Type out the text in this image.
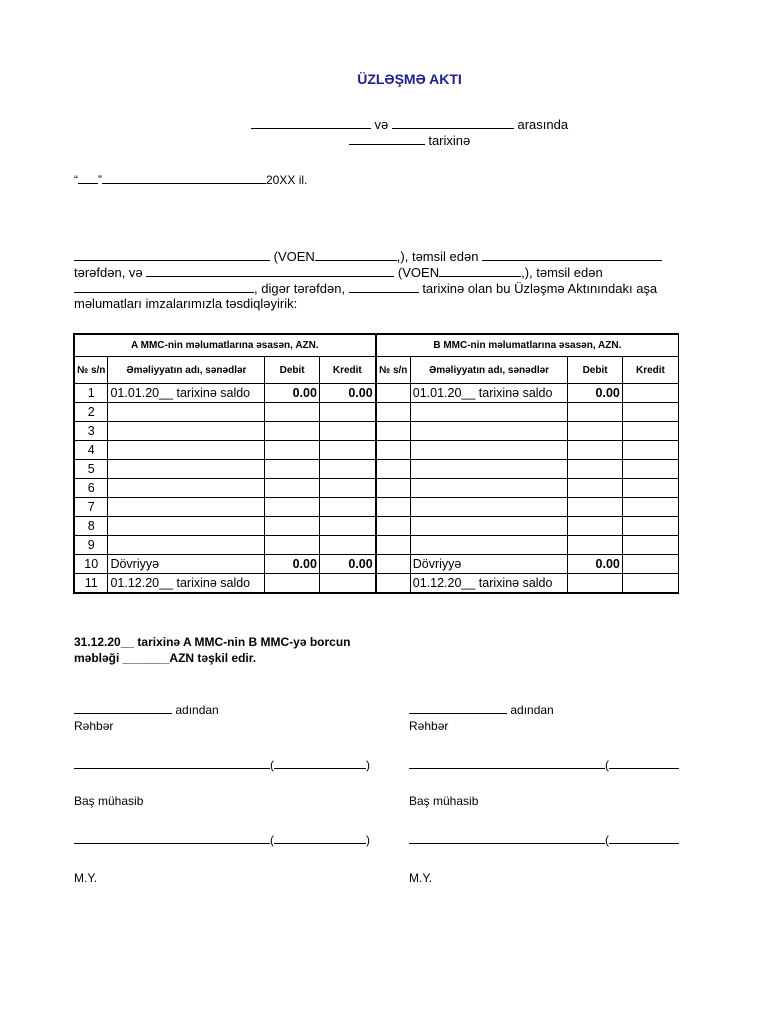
ÜZLƏŞMƏ AKTI
və	arasında
tarixinə
“ ”	20XX il.
(VOEN	,), təmsil edən
tərəfdən, və	(VOEN	,), təmsil edən
, digər tərəfdən,	tarixinə olan bu Üzləşmə Aktınındakı aşa
məlumatları imzalarımızla təsdiqləyirik:
A MMC-nin məlumatlarına əsasən, AZN.				B MMC-nin məlumatlarına əsasən, AZN.			
№ s/n	Əməliyyatın adı, sənədlər	Debit	Kredit	№ s/n	Əməliyyatın adı, sənədlər	Debit	Kredit
1	01.01.20__ tarixinə saldo	0.00	0.00		01.01.20__ tarixinə saldo	0.00	
2							
3							
4							
5							
6							
7							
8							
9							
10	Dövriyyə	0.00	0.00		Dövriyyə	0.00	
11	01.12.20__ tarixinə saldo				01.12.20__ tarixinə saldo		
31.12.20__ tarixinə A MMC-nin B MMC-yə borcun
məbləği _______AZN təşkil edir.
adından
Rəhbər
(	)
Baş mühasib
(	)
M.Y.
adından
Rəhbər
(
Baş mühasib
(
M.Y.
